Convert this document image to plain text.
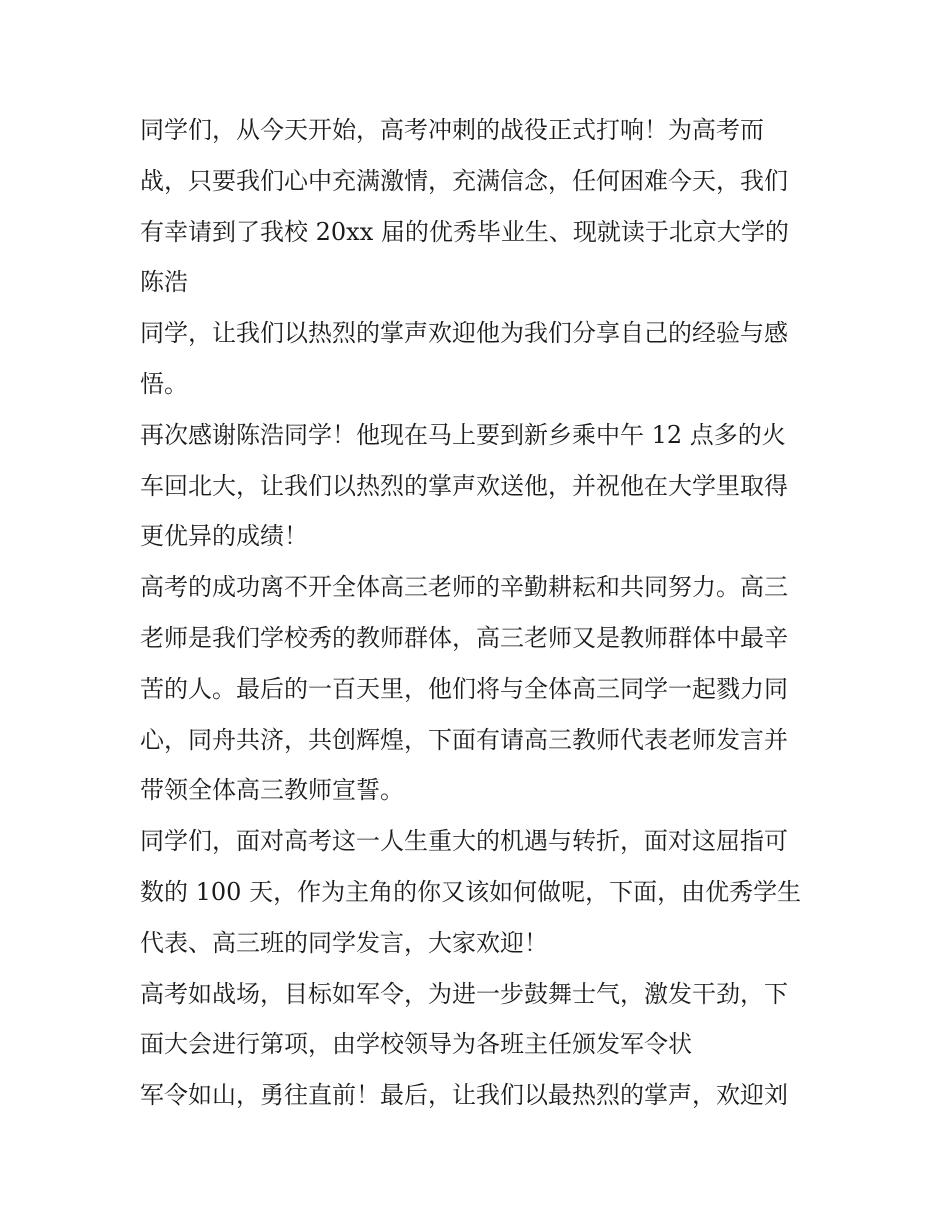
同学们，从今天开始，高考冲刺的战役正式打响！为高考而
战，只要我们心中充满激情，充满信念，任何困难今天，我们
有幸请到了我校 20xx 届的优秀毕业生、现就读于北京大学的
陈浩
同学，让我们以热烈的掌声欢迎他为我们分享自己的经验与感
悟。
再次感谢陈浩同学！他现在马上要到新乡乘中午 12 点多的火
车回北大，让我们以热烈的掌声欢送他，并祝他在大学里取得
更优异的成绩！
高考的成功离不开全体高三老师的辛勤耕耘和共同努力。高三
老师是我们学校秀的教师群体，高三老师又是教师群体中最辛
苦的人。最后的一百天里，他们将与全体高三同学一起戮力同
心，同舟共济，共创辉煌，下面有请高三教师代表老师发言并
带领全体高三教师宣誓。
同学们，面对高考这一人生重大的机遇与转折，面对这屈指可
数的 100 天，作为主角的你又该如何做呢，下面，由优秀学生
代表、高三班的同学发言，大家欢迎！
高考如战场，目标如军令，为进一步鼓舞士气，激发干劲，下
面大会进行第项，由学校领导为各班主任颁发军令状
军令如山，勇往直前！最后，让我们以最热烈的掌声，欢迎刘
